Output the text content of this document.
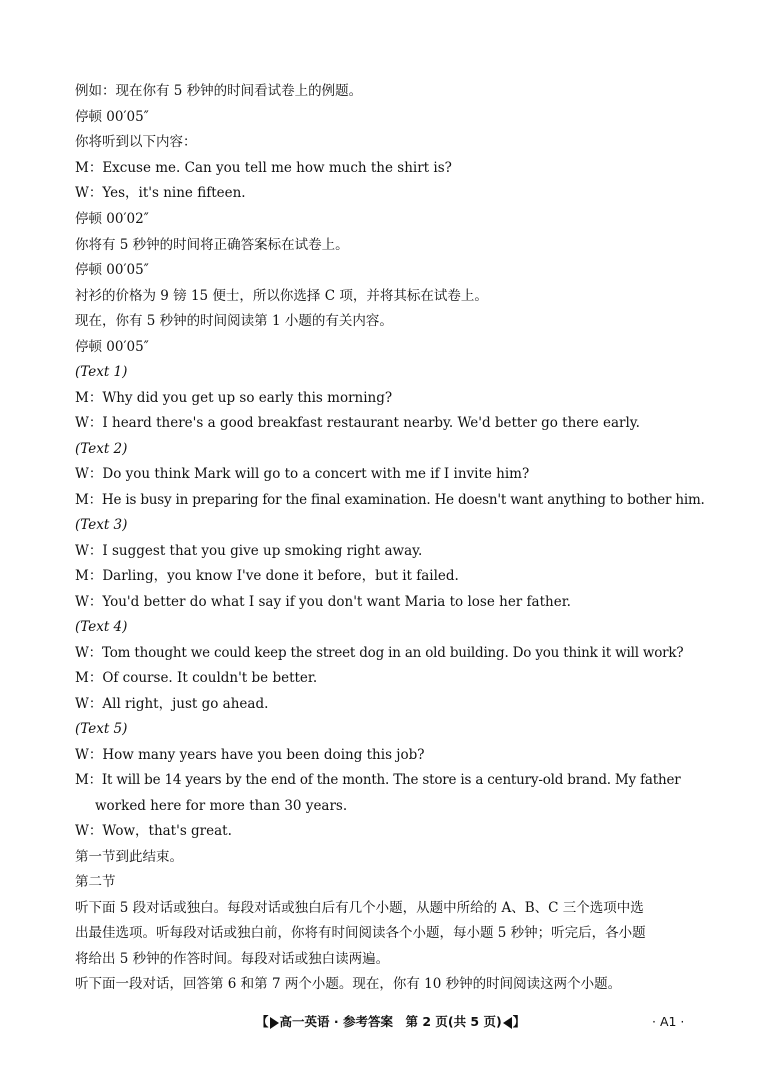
例如：现在你有 5 秒钟的时间看试卷上的例题。
停顿 00′05″
你将听到以下内容：
M：Excuse me. Can you tell me how much the shirt is?
W：Yes，it's nine fifteen.
停顿 00′02″
你将有 5 秒钟的时间将正确答案标在试卷上。
停顿 00′05″
衬衫的价格为 9 镑 15 便士，所以你选择 C 项，并将其标在试卷上。
现在，你有 5 秒钟的时间阅读第 1 小题的有关内容。
停顿 00′05″
(Text 1)
M：Why did you get up so early this morning?
W：I heard there's a good breakfast restaurant nearby. We'd better go there early.
(Text 2)
W：Do you think Mark will go to a concert with me if I invite him?
M：He is busy in preparing for the final examination. He doesn't want anything to bother him.
(Text 3)
W：I suggest that you give up smoking right away.
M：Darling，you know I've done it before，but it failed.
W：You'd better do what I say if you don't want Maria to lose her father.
(Text 4)
W：Tom thought we could keep the street dog in an old building. Do you think it will work?
M：Of course. It couldn't be better.
W：All right，just go ahead.
(Text 5)
W：How many years have you been doing this job?
M：It will be 14 years by the end of the month. The store is a century-old brand. My father
worked here for more than 30 years.
W：Wow，that's great.
第一节到此结束。
第二节
听下面 5 段对话或独白。每段对话或独白后有几个小题，从题中所给的 A、B、C 三个选项中选
出最佳选项。听每段对话或独白前，你将有时间阅读各个小题，每小题 5 秒钟；听完后，各小题
将给出 5 秒钟的作答时间。每段对话或独白读两遍。
听下面一段对话，回答第 6 和第 7 两个小题。现在，你有 10 秒钟的时间阅读这两个小题。
【 高一英语 · 参考答案　第 2 页(共 5 页) 】	· A1 ·
